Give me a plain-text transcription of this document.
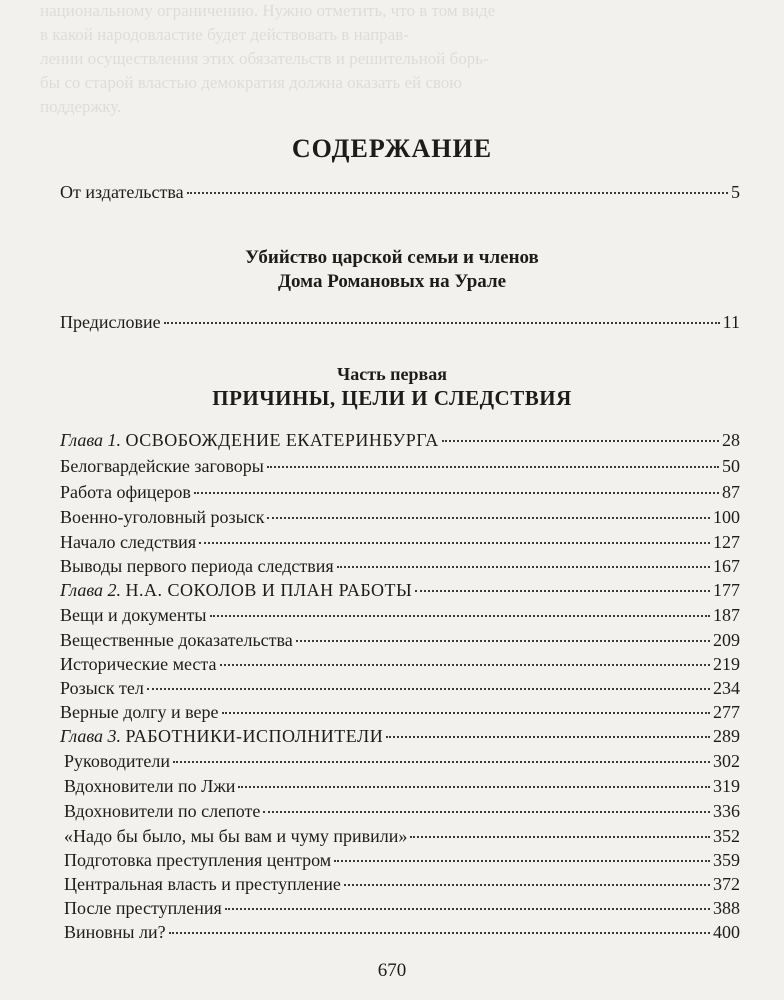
национальному ограничению. Нужно отметить, что в том виде
в какой народовластие будет действовать в направ-
лении осуществления этих обязательств и решительной борь-
бы со старой властью демократия должна оказать ей свою
поддержку.
СОДЕРЖАНИЕ
От издательства	5
Убийство царской семьи и членов
Дома Романовых на Урале
Предисловие	11
Часть первая
ПРИЧИНЫ, ЦЕЛИ И СЛЕДСТВИЯ
Глава 1. ОСВОБОЖДЕНИЕ ЕКАТЕРИНБУРГА	28
Белогвардейские заговоры	50
Работа офицеров	87
Военно-уголовный розыск	100
Начало следствия	127
Выводы первого периода следствия	167
Глава 2. Н.А. СОКОЛОВ И ПЛАН РАБОТЫ	177
Вещи и документы	187
Вещественные доказательства	209
Исторические места	219
Розыск тел	234
Верные долгу и вере	277
Глава 3. РАБОТНИКИ-ИСПОЛНИТЕЛИ	289
Руководители	302
Вдохновители по Лжи	319
Вдохновители по слепоте	336
«Надо бы было, мы бы вам и чуму привили»	352
Подготовка преступления центром	359
Центральная власть и преступление	372
После преступления	388
Виновны ли?	400
670
